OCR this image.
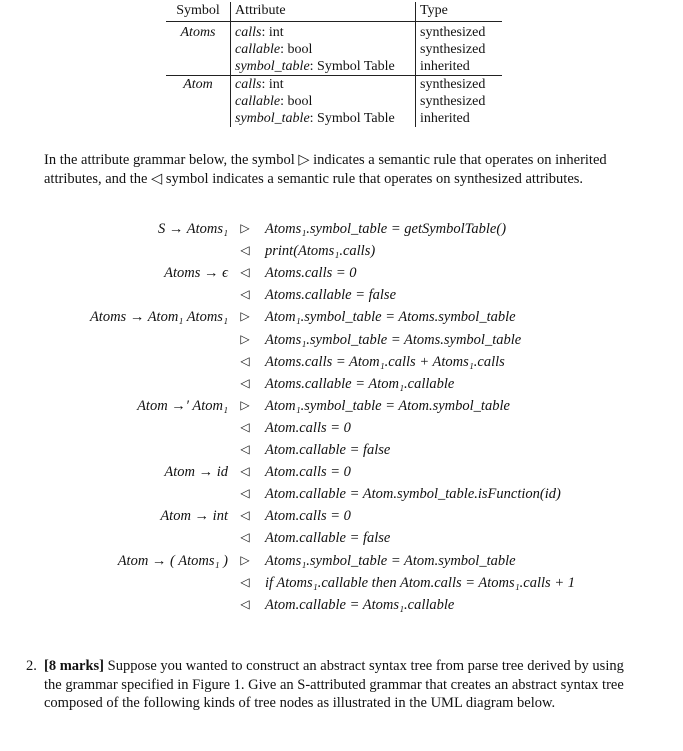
Symbol	Attribute	Type
Atoms	calls: int	synthesized
	callable: bool	synthesized
	symbol_table: Symbol Table	inherited
Atom	calls: int	synthesized
	callable: bool	synthesized
	symbol_table: Symbol Table	inherited

In the attribute grammar below, the symbol ▷ indicates a semantic rule that operates on inherited attributes, and the ◁ symbol indicates a semantic rule that operates on synthesized attributes.

S → Atoms₁ ▷ Atoms₁.symbol_table = getSymbolTable()
◁ print(Atoms₁.calls)
Atoms → ϵ ◁ Atoms.calls = 0
◁ Atoms.callable = false
Atoms → Atom₁ Atoms₁ ▷ Atom₁.symbol_table = Atoms.symbol_table
▷ Atoms₁.symbol_table = Atoms.symbol_table
◁ Atoms.calls = Atom₁.calls + Atoms₁.calls
◁ Atoms.callable = Atom₁.callable
Atom →′ Atom₁ ▷ Atom₁.symbol_table = Atom.symbol_table
◁ Atom.calls = 0
◁ Atom.callable = false
Atom → id ◁ Atom.calls = 0
◁ Atom.callable = Atom.symbol_table.isFunction(id)
Atom → int ◁ Atom.calls = 0
◁ Atom.callable = false
Atom → ( Atoms₁ ) ▷ Atoms₁.symbol_table = Atom.symbol_table
◁ if Atoms₁.callable then Atom.calls = Atoms₁.calls + 1
◁ Atom.callable = Atoms₁.callable
2. [8 marks] Suppose you wanted to construct an abstract syntax tree from parse tree derived by using the grammar specified in Figure 1. Give an S-attributed grammar that creates an abstract syntax tree composed of the following kinds of tree nodes as illustrated in the UML diagram below.
